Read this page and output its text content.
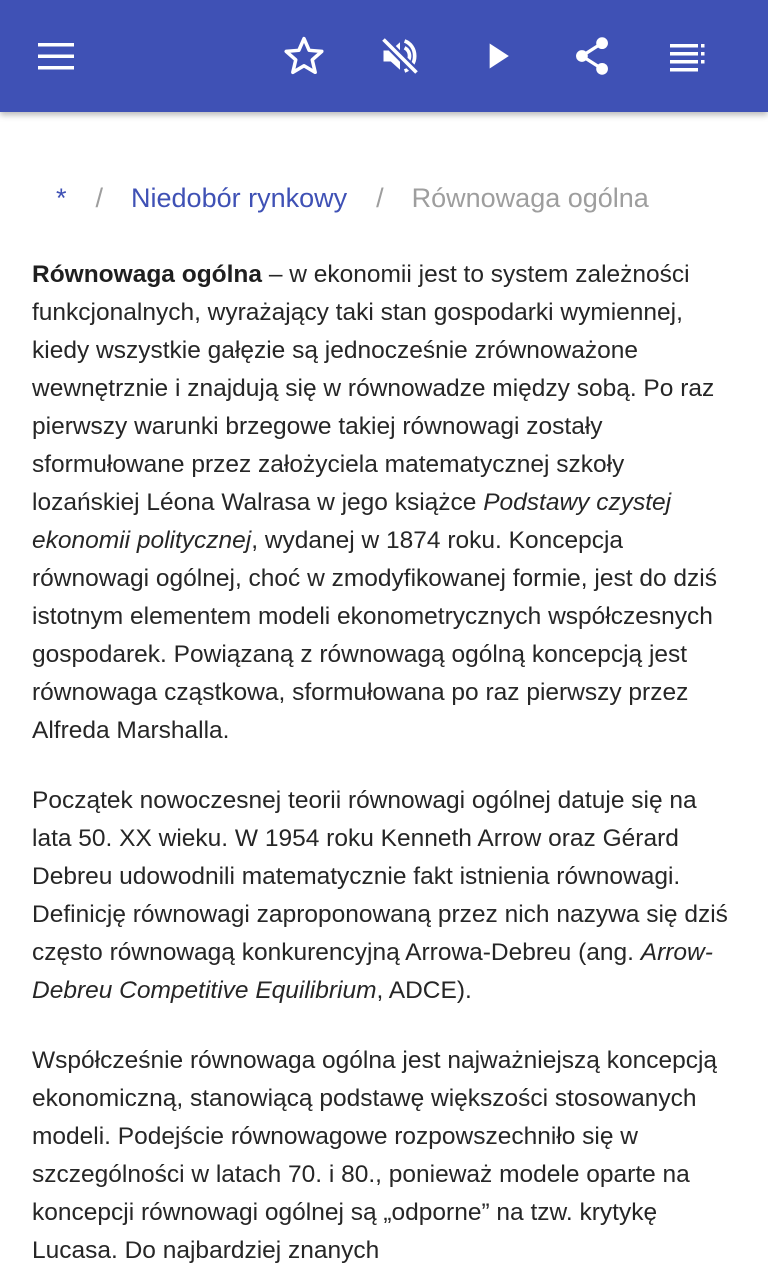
* / Niedobór rynkowy / Równowaga ogólna

Równowaga ogólna – w ekonomii jest to system zależności funkcjonalnych, wyrażający taki stan gospodarki wymiennej, kiedy wszystkie gałęzie są jednocześnie zrównoważone wewnętrznie i znajdują się w równowadze między sobą. Po raz pierwszy warunki brzegowe takiej równowagi zostały sformułowane przez założyciela matematycznej szkoły lozańskiej Léona Walrasa w jego książce Podstawy czystej ekonomii politycznej, wydanej w 1874 roku. Koncepcja równowagi ogólnej, choć w zmodyfikowanej formie, jest do dziś istotnym elementem modeli ekonometrycznych współczesnych gospodarek. Powiązaną z równowagą ogólną koncepcją jest równowaga cząstkowa, sformułowana po raz pierwszy przez Alfreda Marshalla.

Początek nowoczesnej teorii równowagi ogólnej datuje się na lata 50. XX wieku. W 1954 roku Kenneth Arrow oraz Gérard Debreu udowodnili matematycznie fakt istnienia równowagi. Definicję równowagi zaproponowaną przez nich nazywa się dziś często równowagą konkurencyjną Arrowa-Debreu (ang. Arrow-Debreu Competitive Equilibrium, ADCE).

Współcześnie równowaga ogólna jest najważniejszą koncepcją ekonomiczną, stanowiącą podstawę większości stosowanych modeli. Podejście równowagowe rozpowszechniło się w szczególności w latach 70. i 80., ponieważ modele oparte na koncepcji równowagi ogólnej są „odporne” na tzw. krytykę Lucasa. Do najbardziej znanych
